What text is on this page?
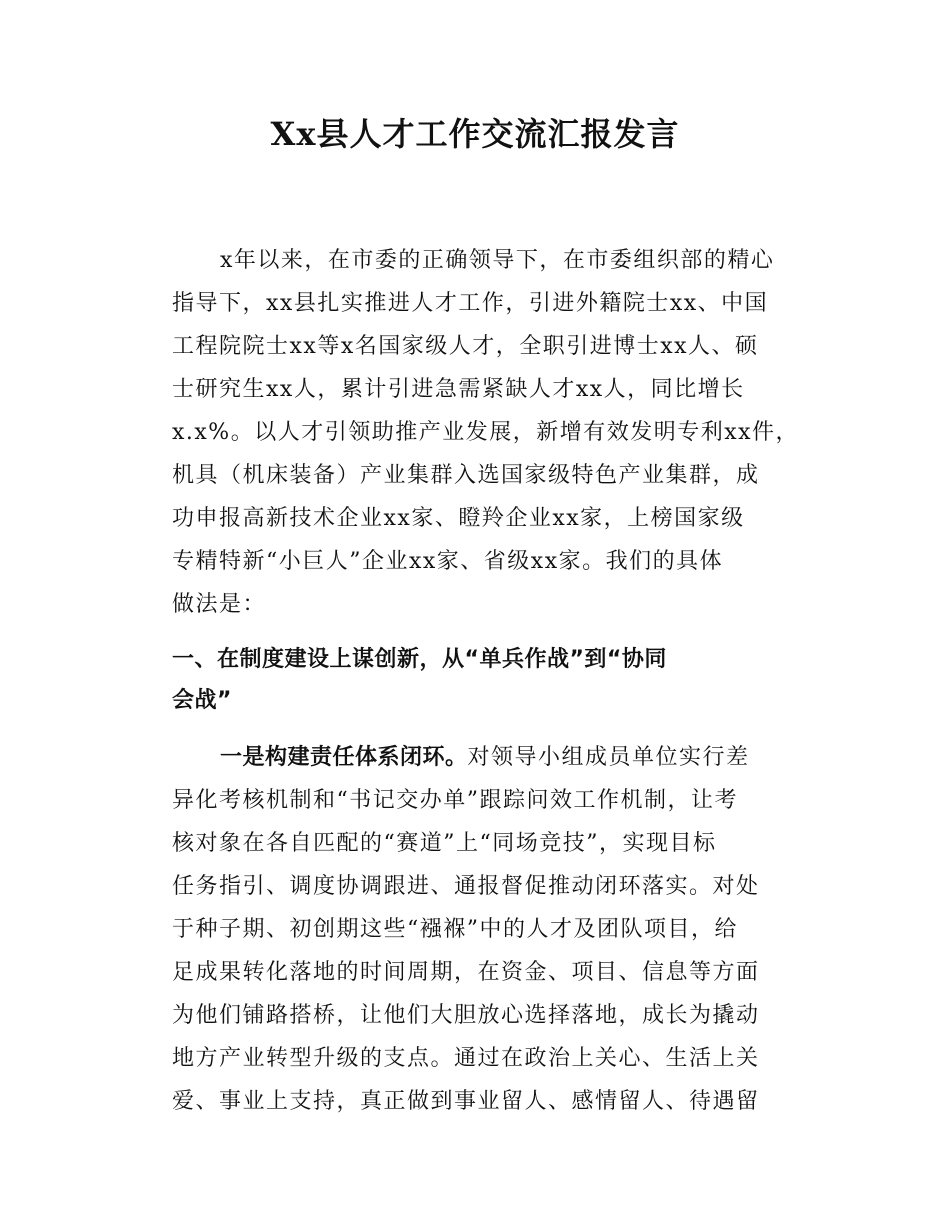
Xx县人才工作交流汇报发言
x年以来，在市委的正确领导下，在市委组织部的精心
指导下，xx县扎实推进人才工作，引进外籍院士xx、中国
工程院院士xx等x名国家级人才，全职引进博士xx人、硕
士研究生xx人，累计引进急需紧缺人才xx人，同比增长
x.x%。以人才引领助推产业发展，新增有效发明专利xx件，
机具（机床装备）产业集群入选国家级特色产业集群，成
功申报高新技术企业xx家、瞪羚企业xx家，上榜国家级
专精特新“小巨人”企业xx家、省级xx家。我们的具体
做法是：
一、在制度建设上谋创新，从“单兵作战”到“协同
会战”
一是构建责任体系闭环。对领导小组成员单位实行差
异化考核机制和“书记交办单”跟踪问效工作机制，让考
核对象在各自匹配的“赛道”上“同场竞技”，实现目标
任务指引、调度协调跟进、通报督促推动闭环落实。对处
于种子期、初创期这些“襁褓”中的人才及团队项目，给
足成果转化落地的时间周期，在资金、项目、信息等方面
为他们铺路搭桥，让他们大胆放心选择落地，成长为撬动
地方产业转型升级的支点。通过在政治上关心、生活上关
爱、事业上支持，真正做到事业留人、感情留人、待遇留
